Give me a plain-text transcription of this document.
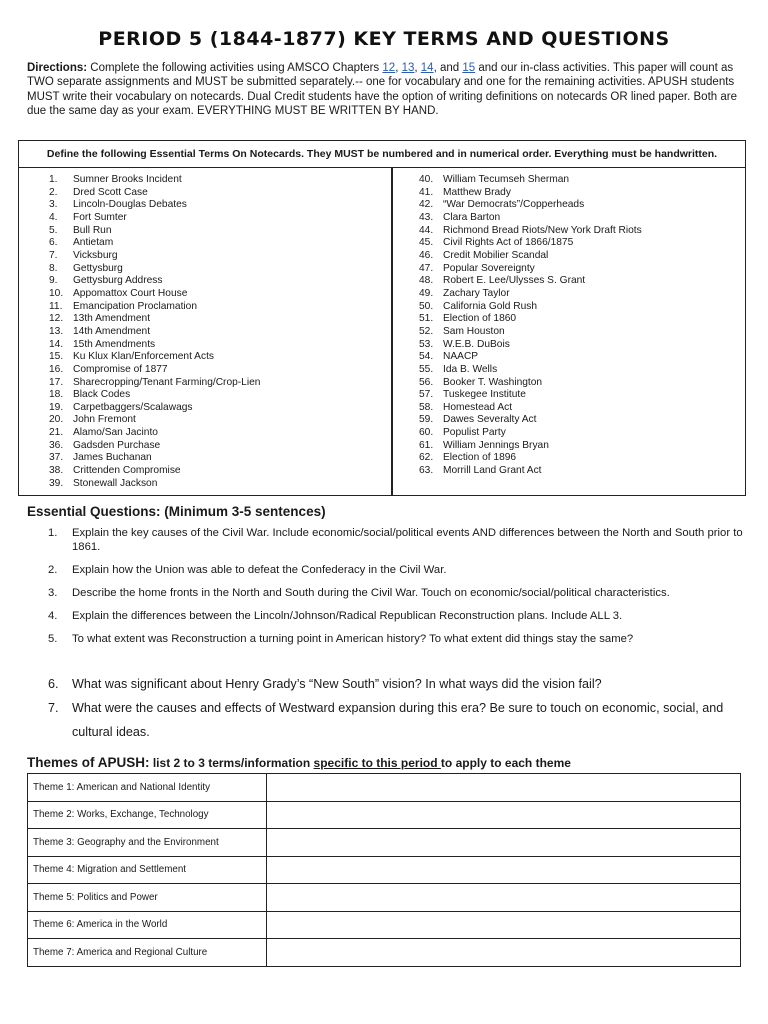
PERIOD 5 (1844-1877) KEY TERMS AND QUESTIONS
Directions: Complete the following activities using AMSCO Chapters 12, 13, 14, and 15 and our in-class activities. This paper will count as TWO separate assignments and MUST be submitted separately.-- one for vocabulary and one for the remaining activities. APUSH students MUST write their vocabulary on notecards. Dual Credit students have the option of writing definitions on notecards OR lined paper. Both are due the same day as your exam. EVERYTHING MUST BE WRITTEN BY HAND.
Define the following Essential Terms On Notecards. They MUST be numbered and in numerical order. Everything must be handwritten.
1. Sumner Brooks Incident
2. Dred Scott Case
3. Lincoln-Douglas Debates
4. Fort Sumter
5. Bull Run
6. Antietam
7. Vicksburg
8. Gettysburg
9. Gettysburg Address
10. Appomattox Court House
11. Emancipation Proclamation
12. 13th Amendment
13. 14th Amendment
14. 15th Amendments
15. Ku Klux Klan/Enforcement Acts
16. Compromise of 1877
17. Sharecropping/Tenant Farming/Crop-Lien
18. Black Codes
19. Carpetbaggers/Scalawags
20. John Fremont
21. Alamo/San Jacinto
36. Gadsden Purchase
37. James Buchanan
38. Crittenden Compromise
39. Stonewall Jackson
40. William Tecumseh Sherman
41. Matthew Brady
42. “War Democrats”/Copperheads
43. Clara Barton
44. Richmond Bread Riots/New York Draft Riots
45. Civil Rights Act of 1866/1875
46. Credit Mobilier Scandal
47. Popular Sovereignty
48. Robert E. Lee/Ulysses S. Grant
49. Zachary Taylor
50. California Gold Rush
51. Election of 1860
52. Sam Houston
53. W.E.B. DuBois
54. NAACP
55. Ida B. Wells
56. Booker T. Washington
57. Tuskegee Institute
58. Homestead Act
59. Dawes Severalty Act
60. Populist Party
61. William Jennings Bryan
62. Election of 1896
63. Morrill Land Grant Act
Essential Questions: (Minimum 3-5 sentences)
1.	Explain the key causes of the Civil War. Include economic/social/political events AND differences between the North and South prior to 1861.
2.	Explain how the Union was able to defeat the Confederacy in the Civil War.
3.	Describe the home fronts in the North and South during the Civil War. Touch on economic/social/political characteristics.
4.	Explain the differences between the Lincoln/Johnson/Radical Republican Reconstruction plans. Include ALL 3.
5.	To what extent was Reconstruction a turning point in American history? To what extent did things stay the same?
6.	What was significant about Henry Grady’s “New South” vision? In what ways did the vision fail?
7.	What were the causes and effects of Westward expansion during this era? Be sure to touch on economic, social, and cultural ideas.
Themes of APUSH: list 2 to 3 terms/information specific to this period to apply to each theme
Theme 1: American and National Identity	
Theme 2: Works, Exchange, Technology	
Theme 3: Geography and the Environment	
Theme 4: Migration and Settlement	
Theme 5: Politics and Power	
Theme 6: America in the World	
Theme 7: America and Regional Culture	
